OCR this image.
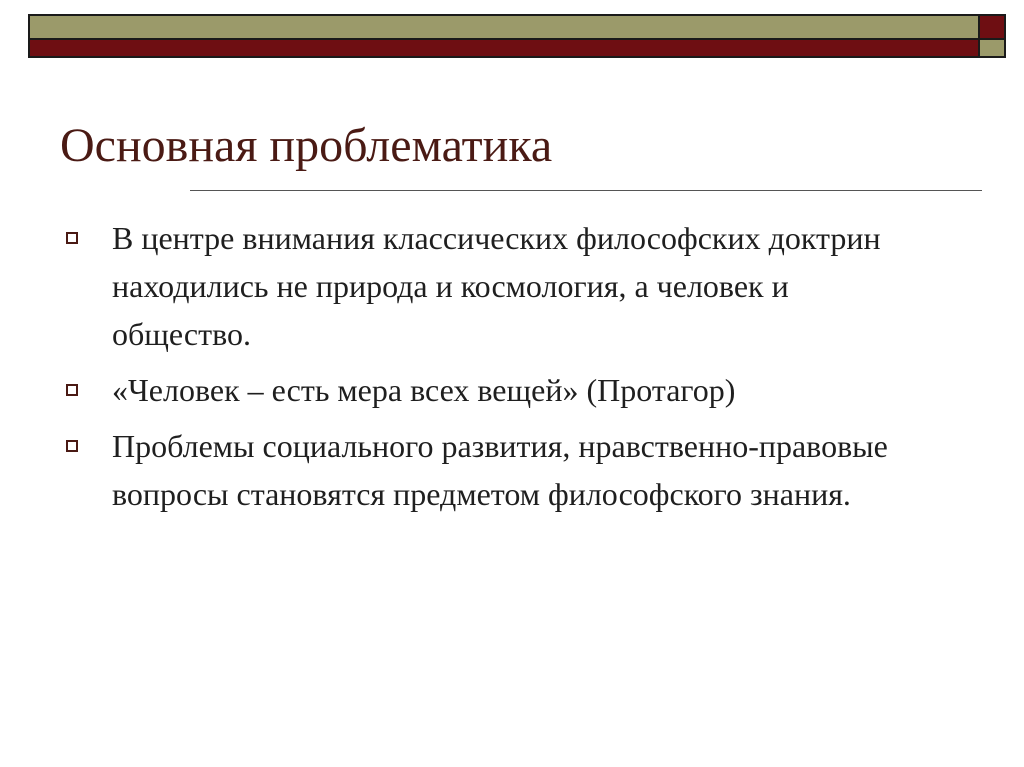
Основная проблематика
В центре внимания классических философских доктрин находились не природа и космология, а человек и общество.
«Человек – есть мера всех вещей» (Протагор)
Проблемы социального развития, нравственно-правовые вопросы становятся предметом философского знания.
